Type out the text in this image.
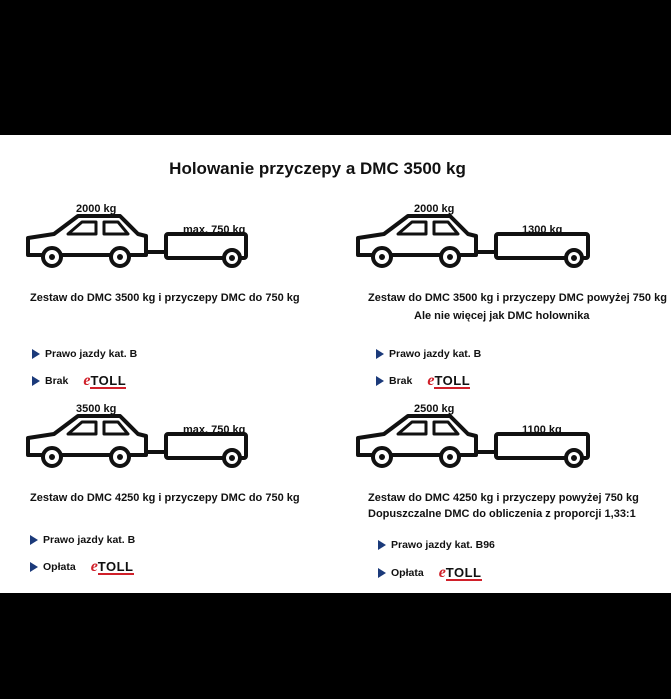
Holowanie przyczepy a DMC 3500 kg
2000 kg
max. 750 kg
Zestaw do DMC 3500 kg i przyczepy DMC do 750 kg
Prawo jazdy kat. B
Brak e TOLL
2000 kg
1300 kg
Zestaw do DMC 3500 kg i przyczepy DMC powyżej 750 kg
Ale nie więcej jak DMC holownika
Prawo jazdy kat. B
Brak e TOLL
3500 kg
max. 750 kg
Zestaw do DMC 4250 kg i przyczepy DMC do 750 kg
Prawo jazdy kat. B
Opłata e TOLL
2500 kg
1100 kg
Zestaw do DMC 4250 kg i przyczepy powyżej 750 kg
Dopuszczalne DMC do obliczenia z proporcji 1,33:1
Prawo jazdy kat. B96
Opłata e TOLL
